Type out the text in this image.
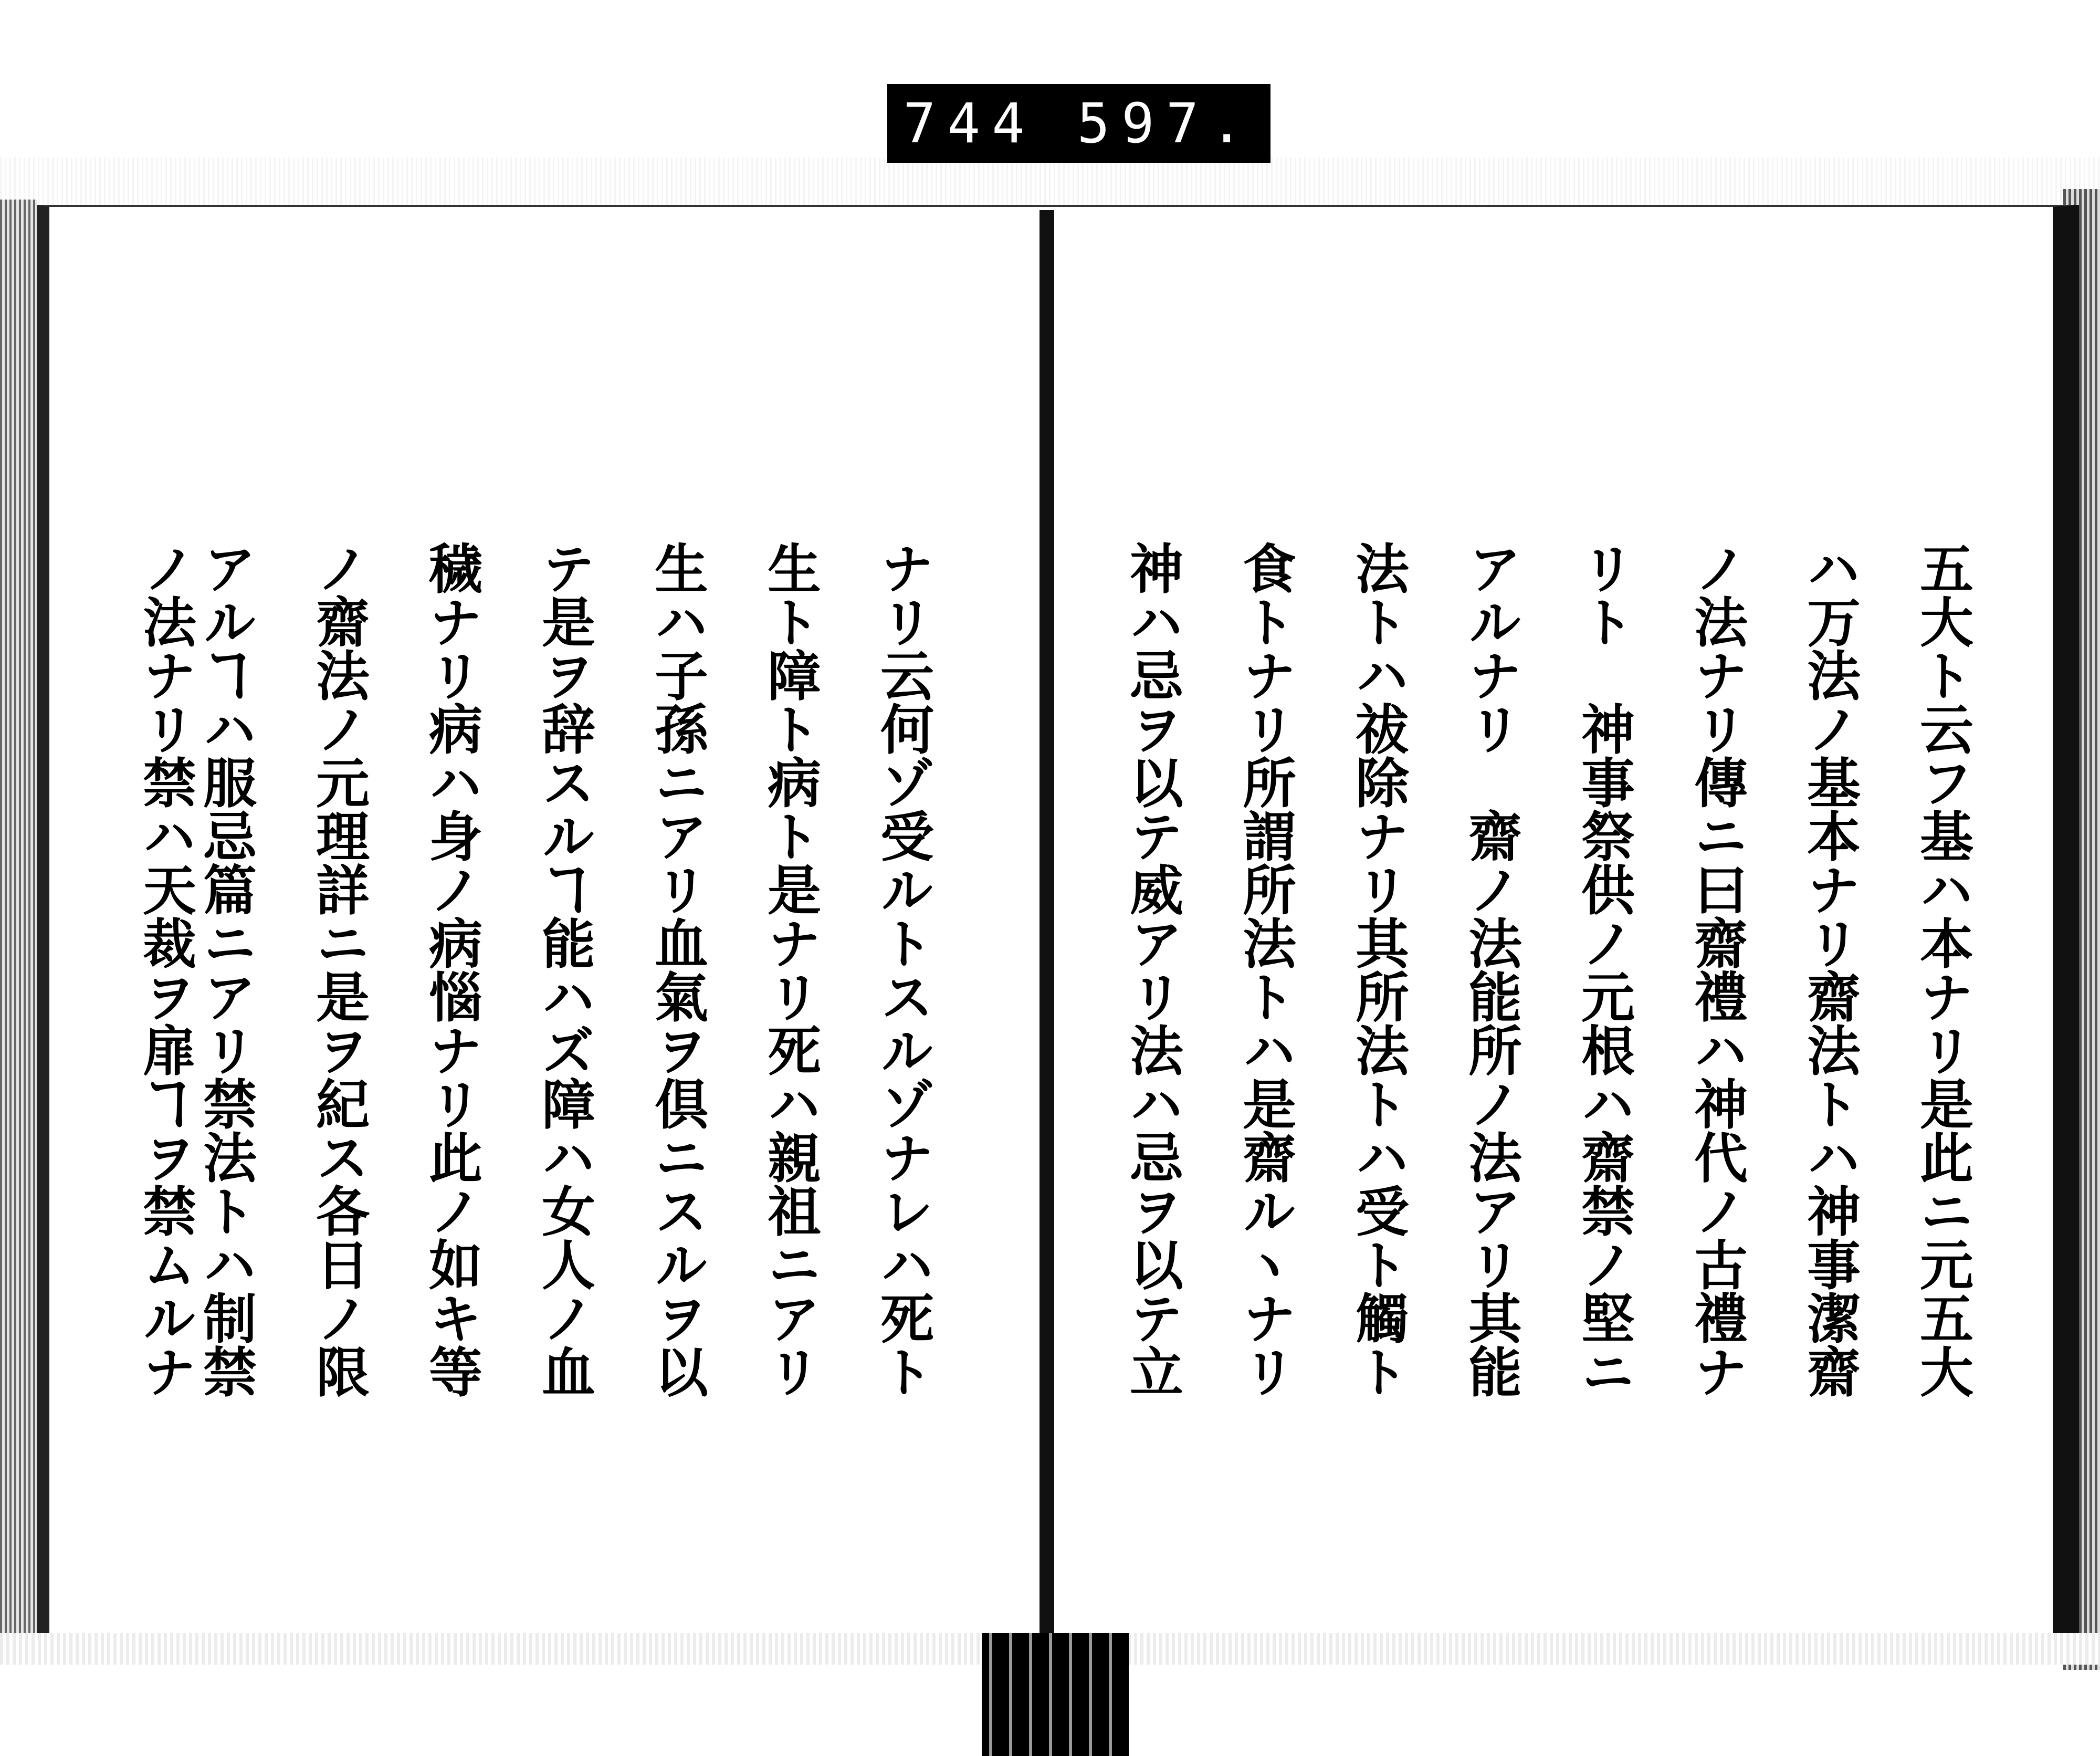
744 597.
五大ト云フ基ハ本ナリ是此ニ元五大
ハ万法ノ基本ナリ齋法トハ神事潔齋
ノ法ナリ傳ニ曰齋禮ハ神代ノ古禮ナ
リト　神事祭供ノ元根ハ齋禁ノ堅ニ
アルナリ　齋ノ法能所ノ法アリ其能
法トハ祓除ナリ其所法トハ受ト觸ト
食トナリ所謂所法トハ是齋ルヽナリ
神ハ忌ヲ以テ威アリ法ハ忌ヲ以テ立
ナリ云何ゾ受ルトスルゾナレハ死ト
生ト障ト病ト是ナリ死ハ親祖ニアリ
生ハ子孫ニアリ血氣ヲ倶ニスルヲ以
テ是ヲ辞スルヿ能ハズ障ハ女人ノ血
穢ナリ病ハ身ノ病惱ナリ此ノ如キ等
ノ齋法ノ元理詳ニ是ヲ紀ス各日ノ限
アルヿハ服忌篇ニアリ禁法トハ制禁
ノ法ナリ禁ハ天裁ヲ扉ヿヲ禁ムルナ
